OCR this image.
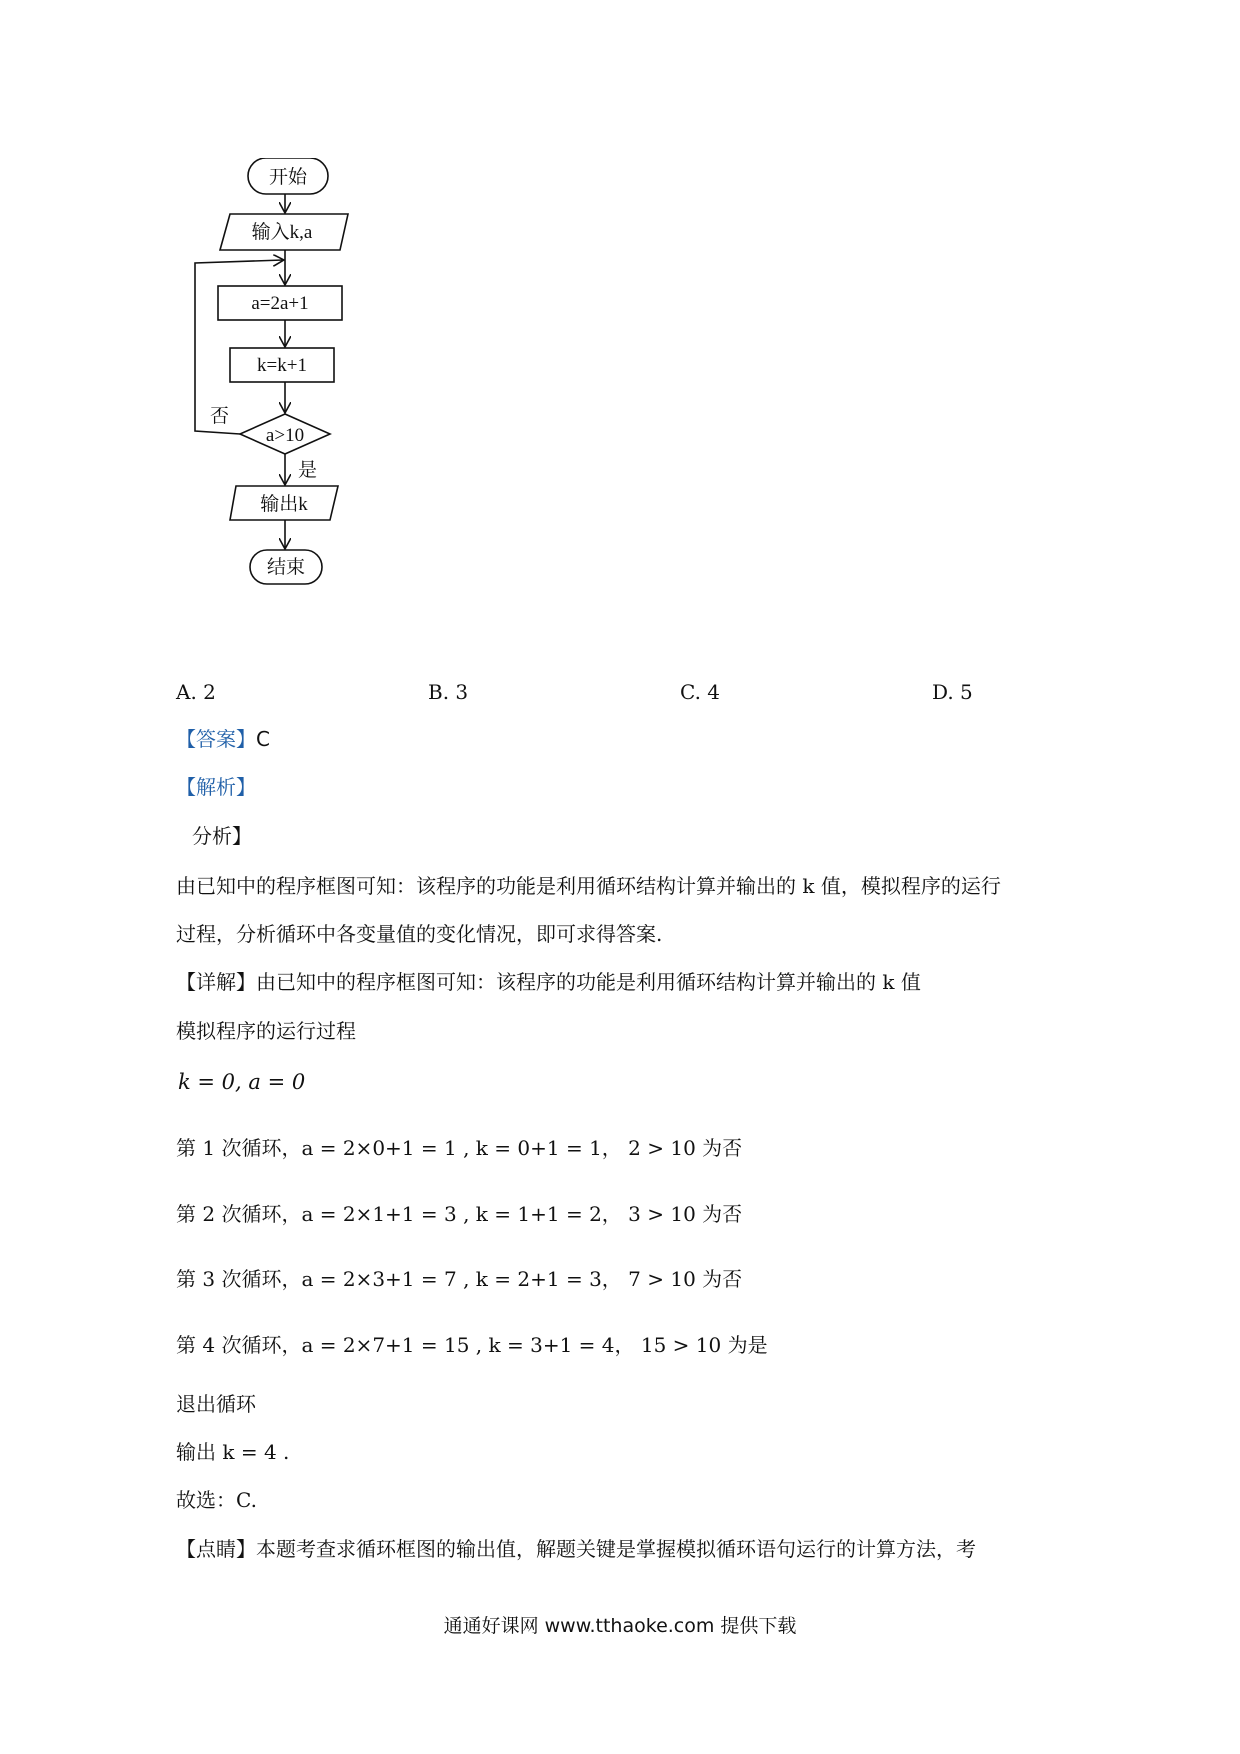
开始
输入k,a
a=2a+1
k=k+1
a>10
否
是
输出k
结束
A. 2	B. 3	C. 4	D. 5
【答案】C
【解析】
分析】
由已知中的程序框图可知：该程序的功能是利用循环结构计算并输出的 k 值，模拟程序的运行
过程，分析循环中各变量值的变化情况，即可求得答案.
【详解】由已知中的程序框图可知：该程序的功能是利用循环结构计算并输出的 k 值
模拟程序的运行过程
k = 0, a = 0
第 1 次循环，a = 2×0+1 = 1 , k = 0+1 = 1， 2 > 10 为否
第 2 次循环，a = 2×1+1 = 3 , k = 1+1 = 2， 3 > 10 为否
第 3 次循环，a = 2×3+1 = 7 , k = 2+1 = 3， 7 > 10 为否
第 4 次循环，a = 2×7+1 = 15 , k = 3+1 = 4， 15 > 10 为是
退出循环
输出 k = 4 .
故选：C.
【点睛】本题考查求循环框图的输出值，解题关键是掌握模拟循环语句运行的计算方法，考
通通好课网 www.tthaoke.com 提供下载
